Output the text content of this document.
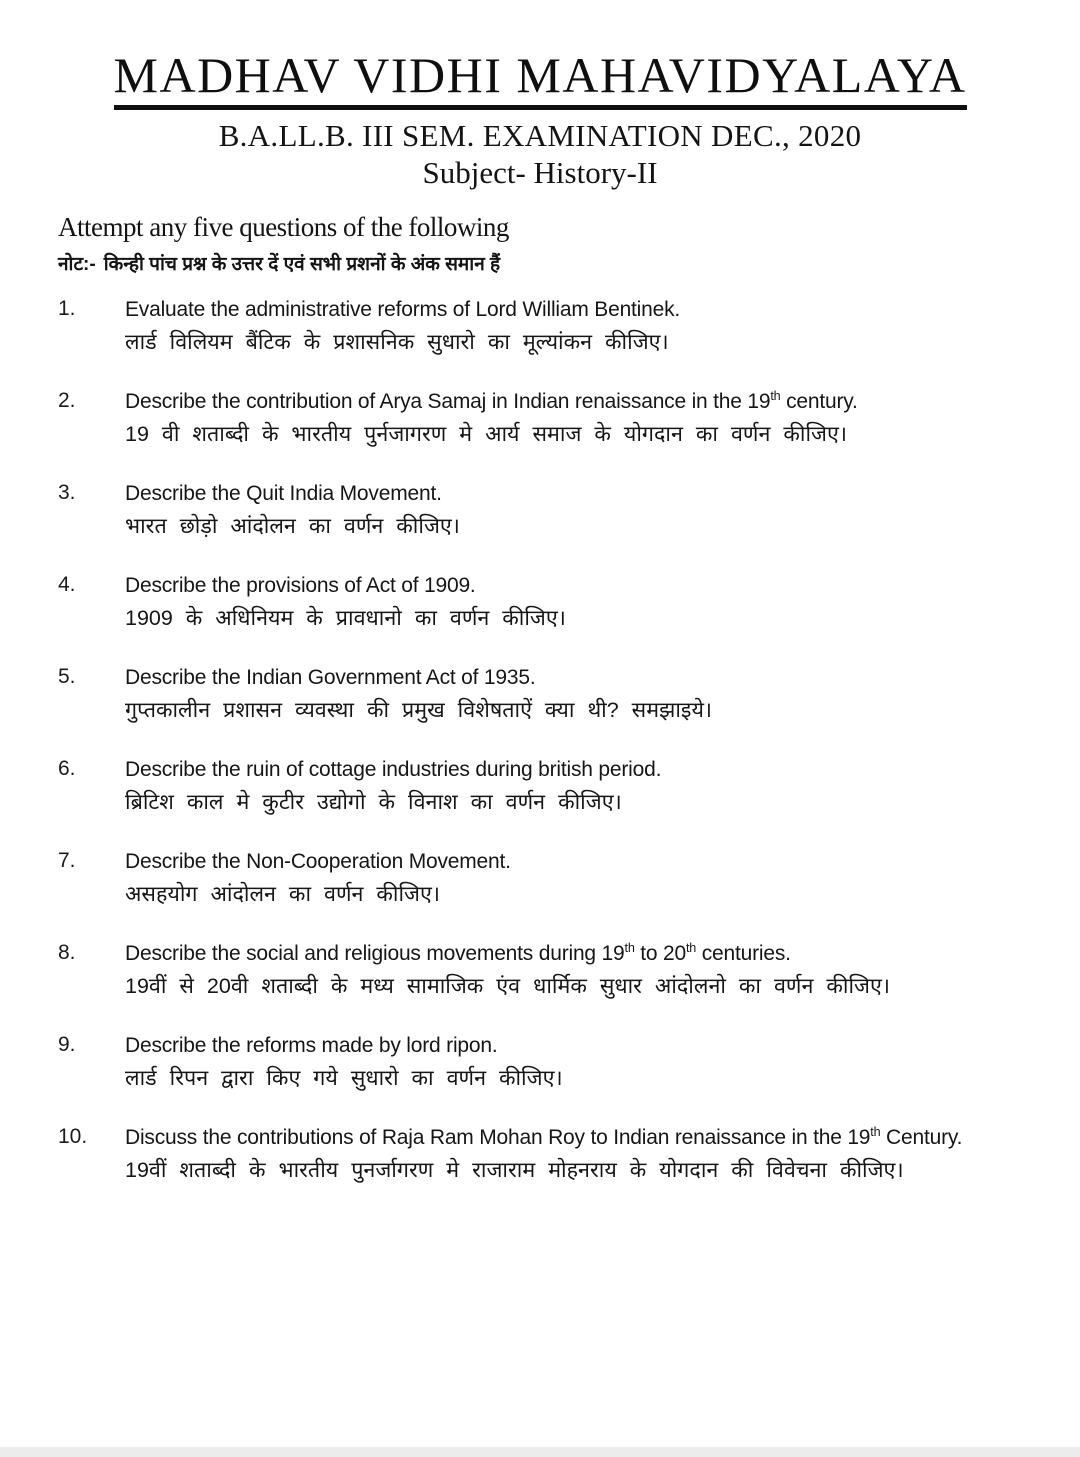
MADHAV VIDHI MAHAVIDYALAYA
B.A.LL.B. III SEM. EXAMINATION DEC., 2020
Subject- History-II
Attempt any five questions of the following
नोट:- किन्ही पांच प्रश्न के उत्तर दें एवं सभी प्रशनों के अंक समान हैं
1.	Evaluate the administrative reforms of Lord William Bentinek.
लार्ड विलियम बैंटिक के प्रशासनिक सुधारो का मूल्यांकन कीजिए।
2.	Describe the contribution of Arya Samaj in Indian renaissance in the 19th century.
19 वी शताब्दी के भारतीय पुर्नजागरण मे आर्य समाज के योगदान का वर्णन कीजिए।
3.	Describe the Quit India Movement.
भारत छोड़ो आंदोलन का वर्णन कीजिए।
4.	Describe the provisions of Act of 1909.
1909 के अधिनियम के प्रावधानो का वर्णन कीजिए।
5.	Describe the Indian Government Act of 1935.
गुप्तकालीन प्रशासन व्यवस्था की प्रमुख विशेषताऐं क्या थी? समझाइये।
6.	Describe the ruin of cottage industries during british period.
ब्रिटिश काल मे कुटीर उद्योगो के विनाश का वर्णन कीजिए।
7.	Describe the Non-Cooperation Movement.
असहयोग आंदोलन का वर्णन कीजिए।
8.	Describe the social and religious movements during 19th to 20th centuries.
19वीं से 20वी शताब्दी के मध्य सामाजिक एंव धार्मिक सुधार आंदोलनो का वर्णन कीजिए।
9.	Describe the reforms made by lord ripon.
लार्ड रिपन द्वारा किए गये सुधारो का वर्णन कीजिए।
10.	Discuss the contributions of Raja Ram Mohan Roy to Indian renaissance in the 19th Century.
19वीं शताब्दी के भारतीय पुनर्जागरण मे राजाराम मोहनराय के योगदान की विवेचना कीजिए।
